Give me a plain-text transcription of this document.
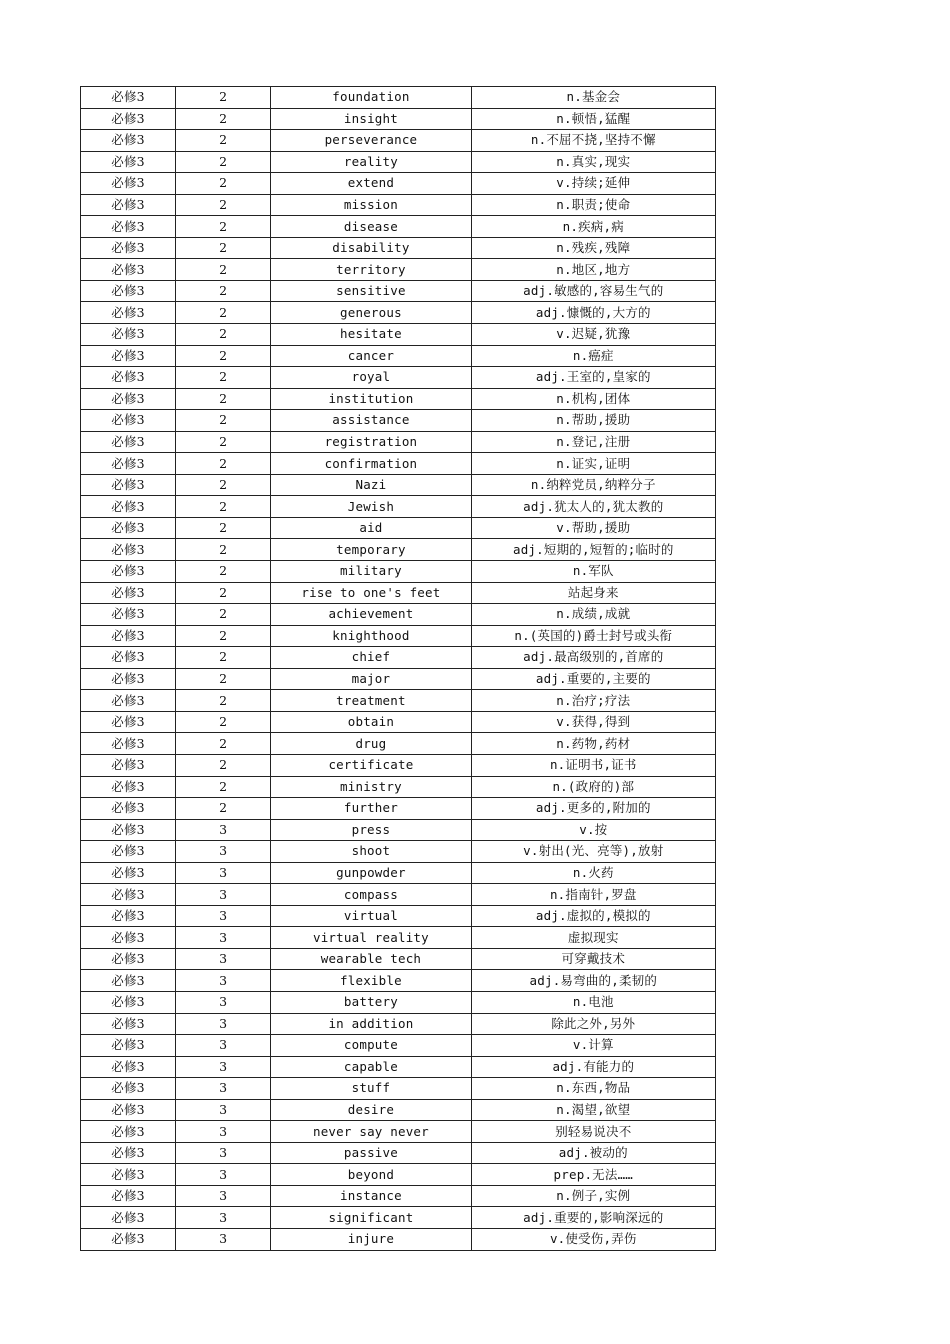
必修3	2	foundation	n.基金会
必修3	2	insight	n.顿悟,猛醒
必修3	2	perseverance	n.不屈不挠,坚持不懈
必修3	2	reality	n.真实,现实
必修3	2	extend	v.持续;延伸
必修3	2	mission	n.职责;使命
必修3	2	disease	n.疾病,病
必修3	2	disability	n.残疾,残障
必修3	2	territory	n.地区,地方
必修3	2	sensitive	adj.敏感的,容易生气的
必修3	2	generous	adj.慷慨的,大方的
必修3	2	hesitate	v.迟疑,犹豫
必修3	2	cancer	n.癌症
必修3	2	royal	adj.王室的,皇家的
必修3	2	institution	n.机构,团体
必修3	2	assistance	n.帮助,援助
必修3	2	registration	n.登记,注册
必修3	2	confirmation	n.证实,证明
必修3	2	Nazi	n.纳粹党员,纳粹分子
必修3	2	Jewish	adj.犹太人的,犹太教的
必修3	2	aid	v.帮助,援助
必修3	2	temporary	adj.短期的,短暂的;临时的
必修3	2	military	n.军队
必修3	2	rise to one's feet	站起身来
必修3	2	achievement	n.成绩,成就
必修3	2	knighthood	n.(英国的)爵士封号或头衔
必修3	2	chief	adj.最高级别的,首席的
必修3	2	major	adj.重要的,主要的
必修3	2	treatment	n.治疗;疗法
必修3	2	obtain	v.获得,得到
必修3	2	drug	n.药物,药材
必修3	2	certificate	n.证明书,证书
必修3	2	ministry	n.(政府的)部
必修3	2	further	adj.更多的,附加的
必修3	3	press	v.按
必修3	3	shoot	v.射出(光、亮等),放射
必修3	3	gunpowder	n.火药
必修3	3	compass	n.指南针,罗盘
必修3	3	virtual	adj.虚拟的,模拟的
必修3	3	virtual reality	虚拟现实
必修3	3	wearable tech	可穿戴技术
必修3	3	flexible	adj.易弯曲的,柔韧的
必修3	3	battery	n.电池
必修3	3	in addition	除此之外,另外
必修3	3	compute	v.计算
必修3	3	capable	adj.有能力的
必修3	3	stuff	n.东西,物品
必修3	3	desire	n.渴望,欲望
必修3	3	never say never	别轻易说决不
必修3	3	passive	adj.被动的
必修3	3	beyond	prep.无法……
必修3	3	instance	n.例子,实例
必修3	3	significant	adj.重要的,影响深远的
必修3	3	injure	v.使受伤,弄伤
